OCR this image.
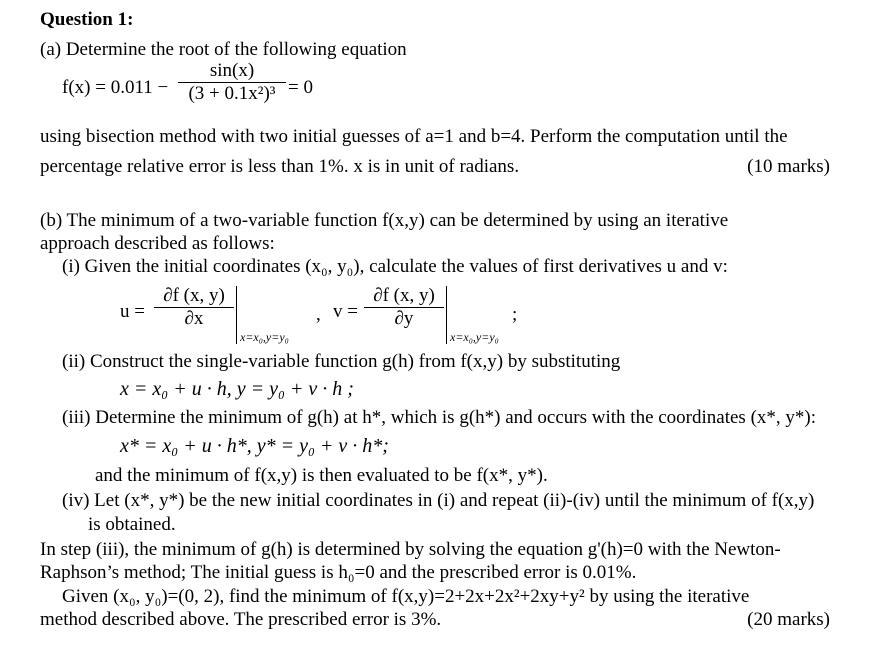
Question 1:
(a) Determine the root of the following equation
$f(x) = 0.011 - \frac{\sin(x)}{\text{(3 + 0.1x²)³}} = 0$
using bisection method with two initial guesses of a=1 and b=4. Perform the computation until the
percentage relative error is less than 1%. x is in unit of radians.	(10 marks)
(b) The minimum of a two-variable function f(x,y) can be determined by using an iterative
approach described as follows:
(i) Given the initial coordinates (x₀, y₀), calculate the values of first derivatives u and v:
$u = \frac{\partial f (x, y)}{\partial x}$
x=x₀,y=y₀
, $v = \frac{\partial f (x, y)}{\partial y}$
x=x₀,y=y₀
;
(ii) Construct the single-variable function g(h) from f(x,y) by substituting
x = x₀ + u · h, y = y₀ + v · h ;
(iii) Determine the minimum of g(h) at h*, which is g(h*) and occurs with the coordinates (x*, y*):
x* = x₀ + u · h*, y* = y₀ + v · h*;
and the minimum of f(x,y) is then evaluated to be f(x*, y*).
(iv) Let (x*, y*) be the new initial coordinates in (i) and repeat (ii)-(iv) until the minimum of f(x,y)
is obtained.
In step (iii), the minimum of g(h) is determined by solving the equation g'(h)=0 with the Newton-
Raphson’s method; The initial guess is h₀=0 and the prescribed error is 0.01%.
Given (x₀, y₀)=(0, 2), find the minimum of f(x,y)=2+2x+2x²+2xy+y² by using the iterative
method described above. The prescribed error is 3%.	(20 marks)
